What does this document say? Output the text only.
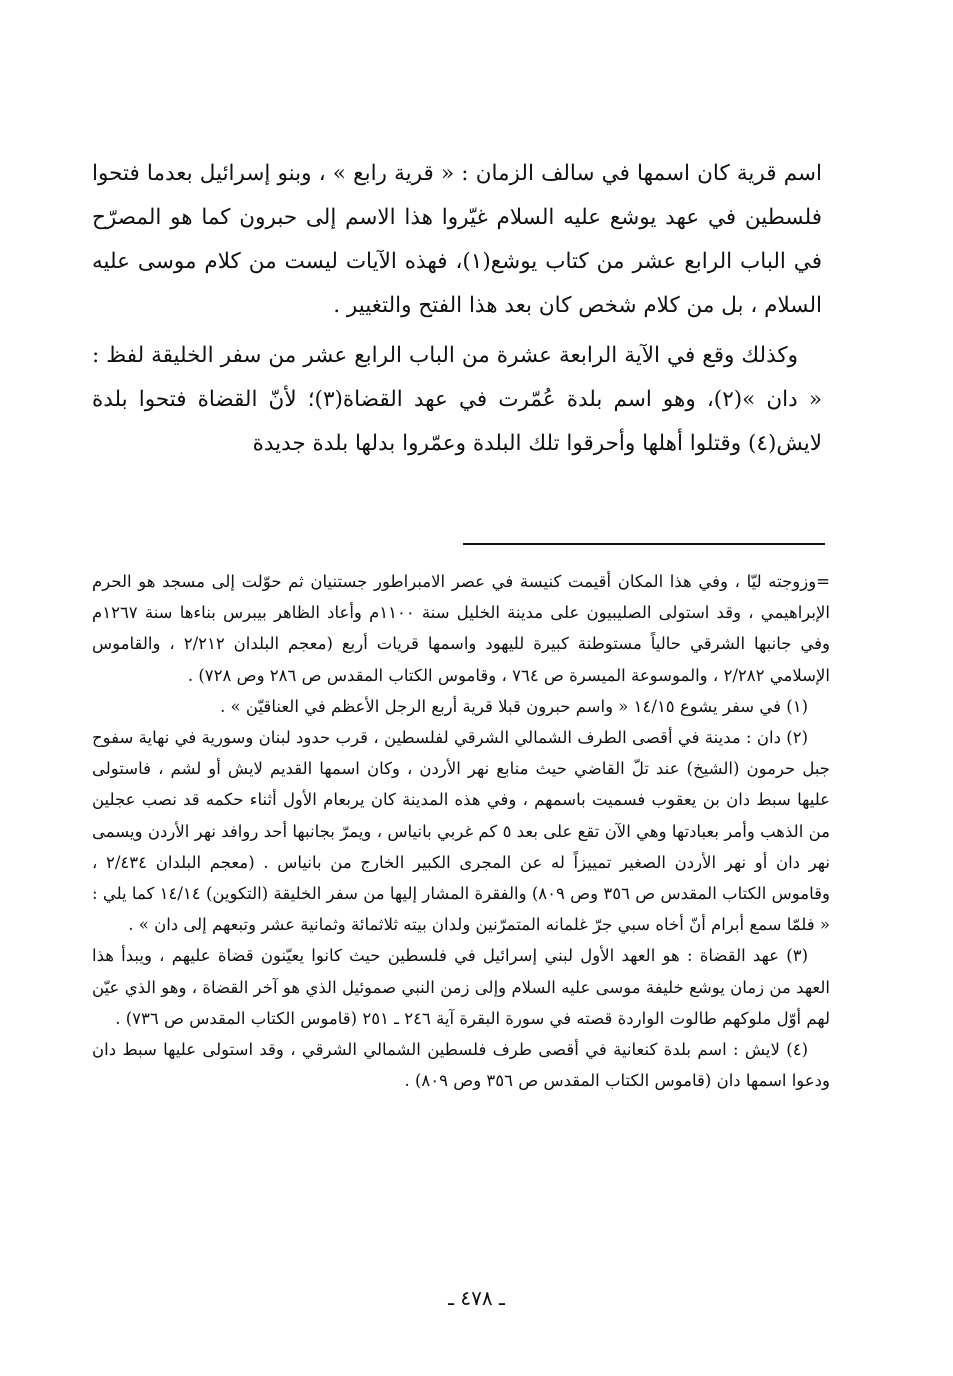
اسم قرية كان اسمها في سالف الزمان : « قرية رابع » ، وبنو إسرائيل بعدما فتحوا فلسطين في عهد يوشع عليه السلام غيّروا هذا الاسم إلى حبرون كما هو المصرّح في الباب الرابع عشر من كتاب يوشع(١)، فهذه الآيات ليست من كلام موسى عليه السلام ، بل من كلام شخص كان بعد هذا الفتح والتغيير .

وكذلك وقع في الآية الرابعة عشرة من الباب الرابع عشر من سفر الخليقة لفظ : « دان »(٢)، وهو اسم بلدة عُمّرت في عهد القضاة(٣)؛ لأنّ القضاة فتحوا بلدة لايش(٤) وقتلوا أهلها وأحرقوا تلك البلدة وعمّروا بدلها بلدة جديدة

=وزوجته ليّا ، وفي هذا المكان أقيمت كنيسة في عصر الامبراطور جستنيان ثم حوّلت إلى مسجد هو الحرم الإبراهيمي ، وقد استولى الصليبيون على مدينة الخليل سنة ١١٠٠م وأعاد الظاهر بيبرس بناءها سنة ١٢٦٧م وفي جانبها الشرقي حالياً مستوطنة كبيرة لليهود واسمها قريات أربع (معجم البلدان ٢/٢١٢ ، والقاموس الإسلامي ٢/٢٨٢ ، والموسوعة الميسرة ص ٧٦٤ ، وقاموس الكتاب المقدس ص ٢٨٦ وص ٧٢٨) .

(١) في سفر يشوع ١٤/١٥ « واسم حبرون قبلا قرية أربع الرجل الأعظم في العناقيّن » .

(٢) دان : مدينة في أقصى الطرف الشمالي الشرقي لفلسطين ، قرب حدود لبنان وسورية في نهاية سفوح جبل حرمون (الشيخ) عند تلّ القاضي حيث منابع نهر الأردن ، وكان اسمها القديم لايش أو لشم ، فاستولى عليها سبط دان بن يعقوب فسميت باسمهم ، وفي هذه المدينة كان يربعام الأول أثناء حكمه قد نصب عجلين من الذهب وأمر بعبادتها وهي الآن تقع على بعد ٥ كم غربي بانياس ، ويمرّ بجانبها أحد روافد نهر الأردن ويسمى نهر دان أو نهر الأردن الصغير تمييزاً له عن المجرى الكبير الخارج من بانياس . (معجم البلدان ٢/٤٣٤ ، وقاموس الكتاب المقدس ص ٣٥٦ وص ٨٠٩) والفقرة المشار إليها من سفر الخليقة (التكوين) ١٤/١٤ كما يلي : « فلمّا سمع أبرام أنّ أخاه سبي جرّ غلمانه المتمرّنين ولدان بيته ثلاثمائة وثمانية عشر وتبعهم إلى دان » .

(٣) عهد القضاة : هو العهد الأول لبني إسرائيل في فلسطين حيث كانوا يعيّنون قضاة عليهم ، ويبدأ هذا العهد من زمان يوشع خليفة موسى عليه السلام وإلى زمن النبي صموئيل الذي هو آخر القضاة ، وهو الذي عيّن لهم أوّل ملوكهم طالوت الواردة قصته في سورة البقرة آية ٢٤٦ ـ ٢٥١ (قاموس الكتاب المقدس ص ٧٣٦) .

(٤) لايش : اسم بلدة كنعانية في أقصى طرف فلسطين الشمالي الشرقي ، وقد استولى عليها سبط دان ودعوا اسمها دان (قاموس الكتاب المقدس ص ٣٥٦ وص ٨٠٩) .

ـ ٤٧٨ ـ
